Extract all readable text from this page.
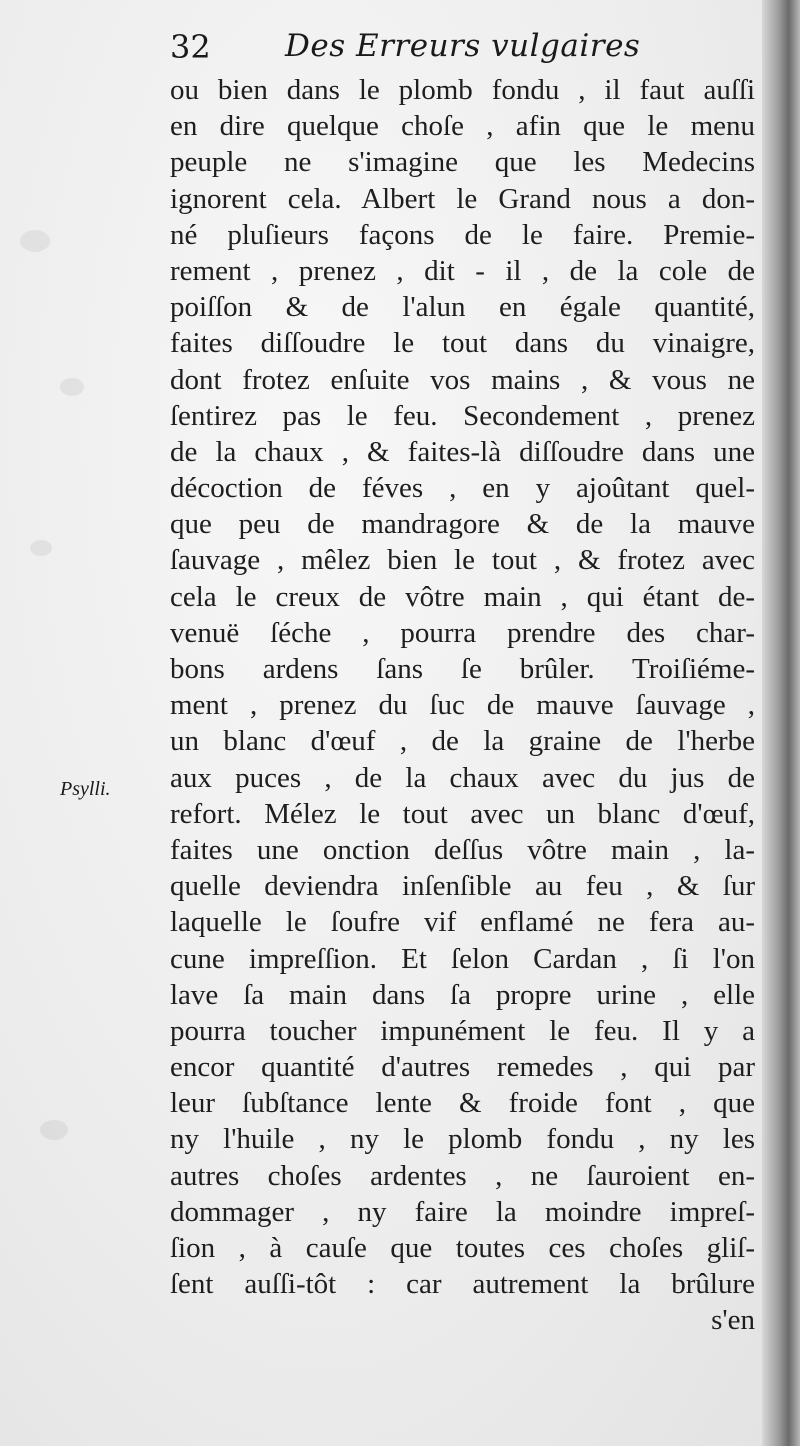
32 Des Erreurs vulgaires
Psylli.
ou bien dans le plomb fondu , il faut auſſi
en dire quelque choſe , afin que le menu
peuple ne s'imagine que les Medecins
ignorent cela. Albert le Grand nous a don-
né pluſieurs façons de le faire. Premie-
rement , prenez , dit - il , de la cole de
poiſſon & de l'alun en égale quantité,
faites diſſoudre le tout dans du vinaigre,
dont frotez enſuite vos mains , & vous ne
ſentirez pas le feu. Secondement , prenez
de la chaux , & faites-là diſſoudre dans une
décoction de féves , en y ajoûtant quel-
que peu de mandragore & de la mauve
ſauvage , mêlez bien le tout , & frotez avec
cela le creux de vôtre main , qui étant de-
venuë ſéche , pourra prendre des char-
bons ardens ſans ſe brûler. Troiſiéme-
ment , prenez du ſuc de mauve ſauvage ,
un blanc d'œuf , de la graine de l'herbe
aux puces , de la chaux avec du jus de
refort. Mélez le tout avec un blanc d'œuf,
faites une onction deſſus vôtre main , la-
quelle deviendra inſenſible au feu , & ſur
laquelle le ſoufre vif enflamé ne fera au-
cune impreſſion. Et ſelon Cardan , ſi l'on
lave ſa main dans ſa propre urine , elle
pourra toucher impunément le feu. Il y a
encor quantité d'autres remedes , qui par
leur ſubſtance lente & froide font , que
ny l'huile , ny le plomb fondu , ny les
autres choſes ardentes , ne ſauroient en-
dommager , ny faire la moindre impreſ-
ſion , à cauſe que toutes ces choſes gliſ-
ſent auſſi-tôt : car autrement la brûlure
s'en
